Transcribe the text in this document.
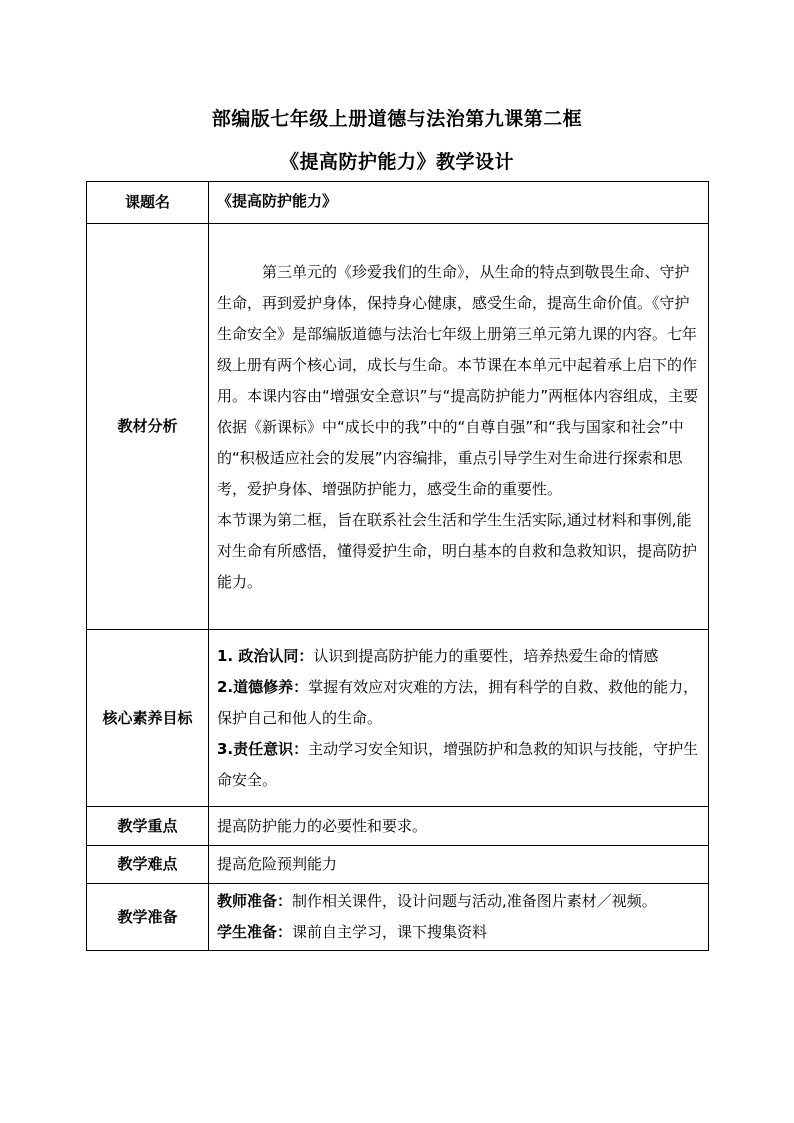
部编版七年级上册道德与法治第九课第二框
《提高防护能力》教学设计
课题名	《提高防护能力》
教材分析	第三单元的《珍爱我们的生命》，从生命的特点到敬畏生命、守护生命，再到爱护身体，保持身心健康，感受生命，提高生命价值。《守护生命安全》是部编版道德与法治七年级上册第三单元第九课的内容。七年级上册有两个核心词，成长与生命。本节课在本单元中起着承上启下的作用。本课内容由“增强安全意识”与“提高防护能力”两框体内容组成，主要依据《新课标》中“成长中的我”中的“自尊自强”和“我与国家和社会”中的“积极适应社会的发展”内容编排，重点引导学生对生命进行探索和思考，爱护身体、增强防护能力，感受生命的重要性。

本节课为第二框，旨在联系社会生活和学生生活实际,通过材料和事例,能对生命有所感悟，懂得爱护生命，明白基本的自救和急救知识，提高防护能力。

核心素养目标	1. 政治认同：认识到提高防护能力的重要性，培养热爱生命的情感

2.道德修养：掌握有效应对灾难的方法，拥有科学的自救、救他的能力，保护自己和他人的生命。

3.责任意识：主动学习安全知识，增强防护和急救的知识与技能，守护生命安全。

教学重点	提高防护能力的必要性和要求。
教学难点	提高危险预判能力
教学准备	教师准备：制作相关课件，设计问题与活动,准备图片素材／视频。

学生准备：课前自主学习，课下搜集资料
